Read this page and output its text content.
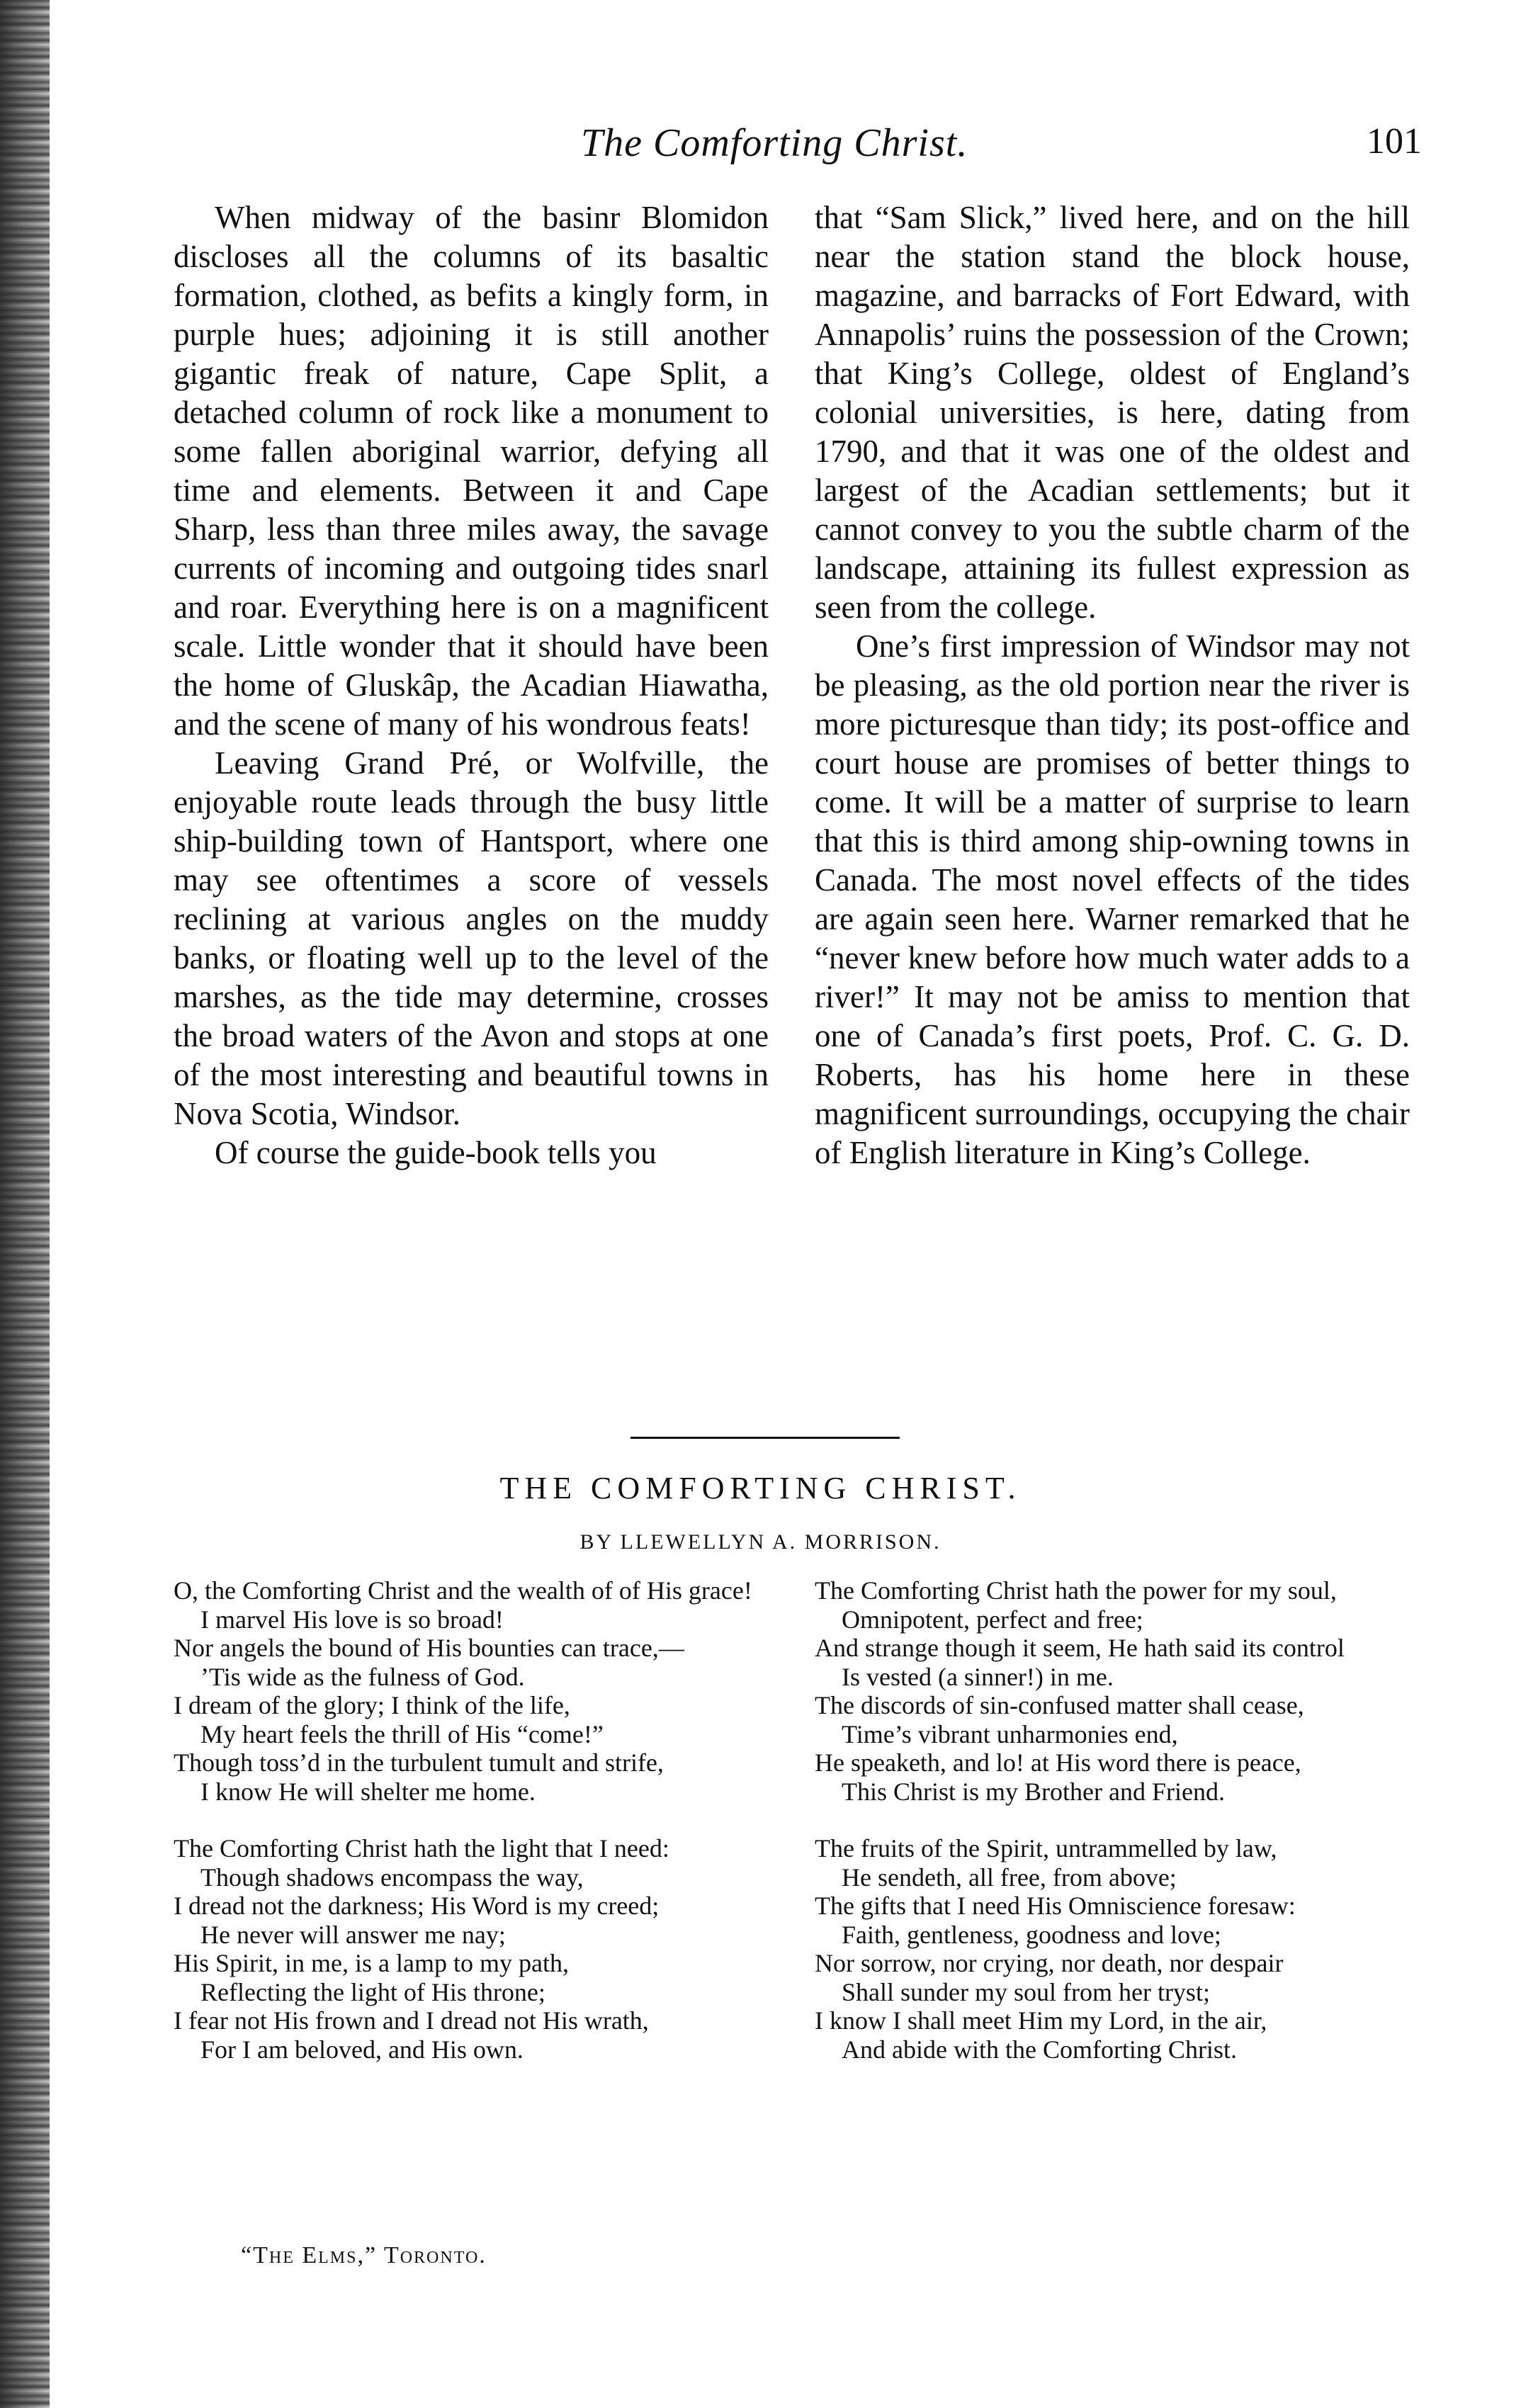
The Comforting Christ.	101

When midway of the basinr Blomidon discloses all the columns of its basaltic formation, clothed, as befits a kingly form, in purple hues; adjoining it is still another gigantic freak of nature, Cape Split, a detached column of rock like a monument to some fallen aboriginal warrior, defying all time and elements. Between it and Cape Sharp, less than three miles away, the savage currents of incoming and outgoing tides snarl and roar. Everything here is on a magnificent scale. Little wonder that it should have been the home of Gluskâp, the Acadian Hiawatha, and the scene of many of his wondrous feats!

Leaving Grand Pré, or Wolfville, the enjoyable route leads through the busy little ship-building town of Hantsport, where one may see oftentimes a score of vessels reclining at various angles on the muddy banks, or floating well up to the level of the marshes, as the tide may determine, crosses the broad waters of the Avon and stops at one of the most interesting and beautiful towns in Nova Scotia, Windsor.

Of course the guide-book tells you

that “Sam Slick,” lived here, and on the hill near the station stand the block house, magazine, and barracks of Fort Edward, with Annapolis’ ruins the possession of the Crown; that King’s College, oldest of England’s colonial universities, is here, dating from 1790, and that it was one of the oldest and largest of the Acadian settlements; but it cannot convey to you the subtle charm of the landscape, attaining its fullest expression as seen from the college.

One’s first impression of Windsor may not be pleasing, as the old portion near the river is more picturesque than tidy; its post-office and court house are promises of better things to come. It will be a matter of surprise to learn that this is third among ship-owning towns in Canada. The most novel effects of the tides are again seen here. Warner remarked that he “never knew before how much water adds to a river!” It may not be amiss to mention that one of Canada’s first poets, Prof. C. G. D. Roberts, has his home here in these magnificent surroundings, occupying the chair of English literature in King’s College.

THE COMFORTING CHRIST.
BY LLEWELLYN A. MORRISON.
O, the Comforting Christ and the wealth of of His grace!
I marvel His love is so broad!
Nor angels the bound of His bounties can trace,—
’Tis wide as the fulness of God.
I dream of the glory; I think of the life,
My heart feels the thrill of His “come!”
Though toss’d in the turbulent tumult and strife,
I know He will shelter me home.
The Comforting Christ hath the light that I need:
Though shadows encompass the way,
I dread not the darkness; His Word is my creed;
He never will answer me nay;
His Spirit, in me, is a lamp to my path,
Reflecting the light of His throne;
I fear not His frown and I dread not His wrath,
For I am beloved, and His own.
The Comforting Christ hath the power for my soul,
Omnipotent, perfect and free;
And strange though it seem, He hath said its control
Is vested (a sinner!) in me.
The discords of sin-confused matter shall cease,
Time’s vibrant unharmonies end,
He speaketh, and lo! at His word there is peace,
This Christ is my Brother and Friend.
The fruits of the Spirit, untrammelled by law,
He sendeth, all free, from above;
The gifts that I need His Omniscience foresaw:
Faith, gentleness, goodness and love;
Nor sorrow, nor crying, nor death, nor despair
Shall sunder my soul from her tryst;
I know I shall meet Him my Lord, in the air,
And abide with the Comforting Christ.
“The Elms,” Toronto.
